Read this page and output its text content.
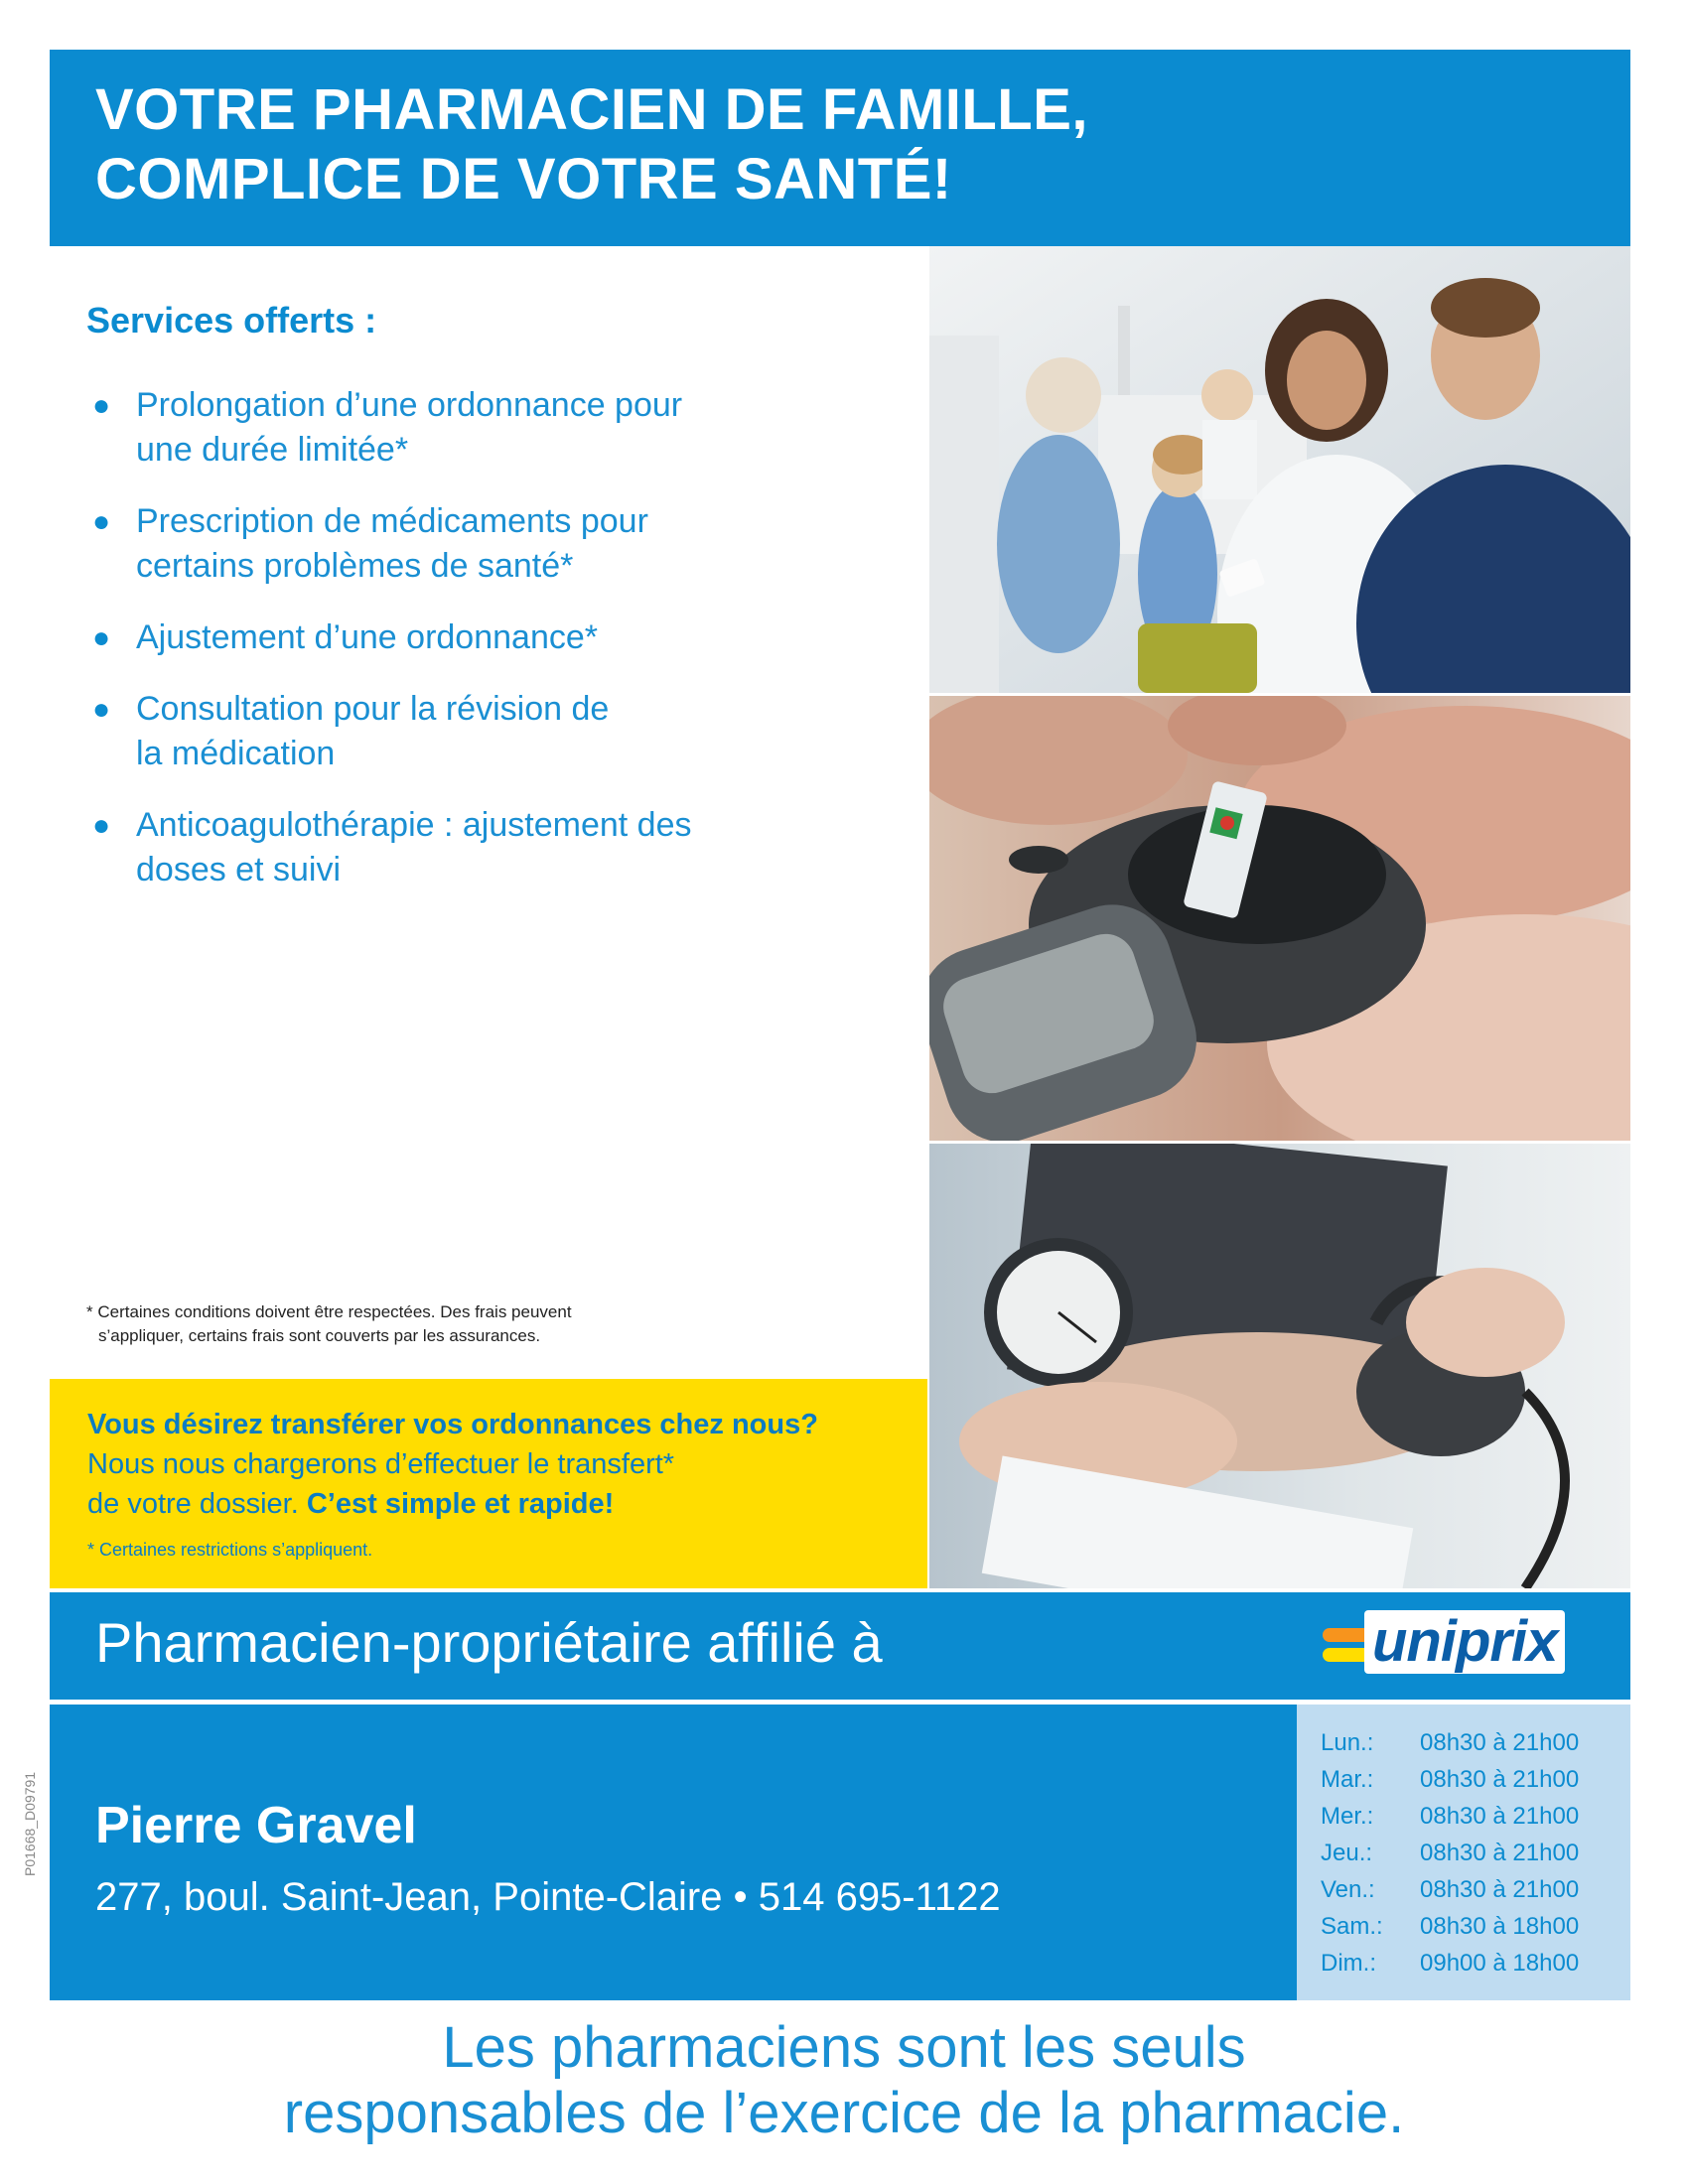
VOTRE PHARMACIEN DE FAMILLE,
COMPLICE DE VOTRE SANTÉ!
Services offerts :
● Prolongation d’une ordonnance pour
une durée limitée*
● Prescription de médicaments pour
certains problèmes de santé*
● Ajustement d’une ordonnance*
● Consultation pour la révision de
la médication
● Anticoagulothérapie : ajustement des
doses et suivi
* Certaines conditions doivent être respectées. Des frais peuvent
s’appliquer, certains frais sont couverts par les assurances.
Vous désirez transférer vos ordonnances chez nous?
Nous nous chargerons d’effectuer le transfert*
de votre dossier. C’est simple et rapide!
* Certaines restrictions s’appliquent.
Pharmacien-propriétaire affilié à	uniprix
Pierre Gravel
277, boul. Saint-Jean, Pointe-Claire • 514 695-1122
Lun.:	08h30 à 21h00
Mar.:	08h30 à 21h00
Mer.:	08h30 à 21h00
Jeu.:	08h30 à 21h00
Ven.:	08h30 à 21h00
Sam.:	08h30 à 18h00
Dim.:	09h00 à 18h00
P01668_D09791
Les pharmaciens sont les seuls
responsables de l’exercice de la pharmacie.
